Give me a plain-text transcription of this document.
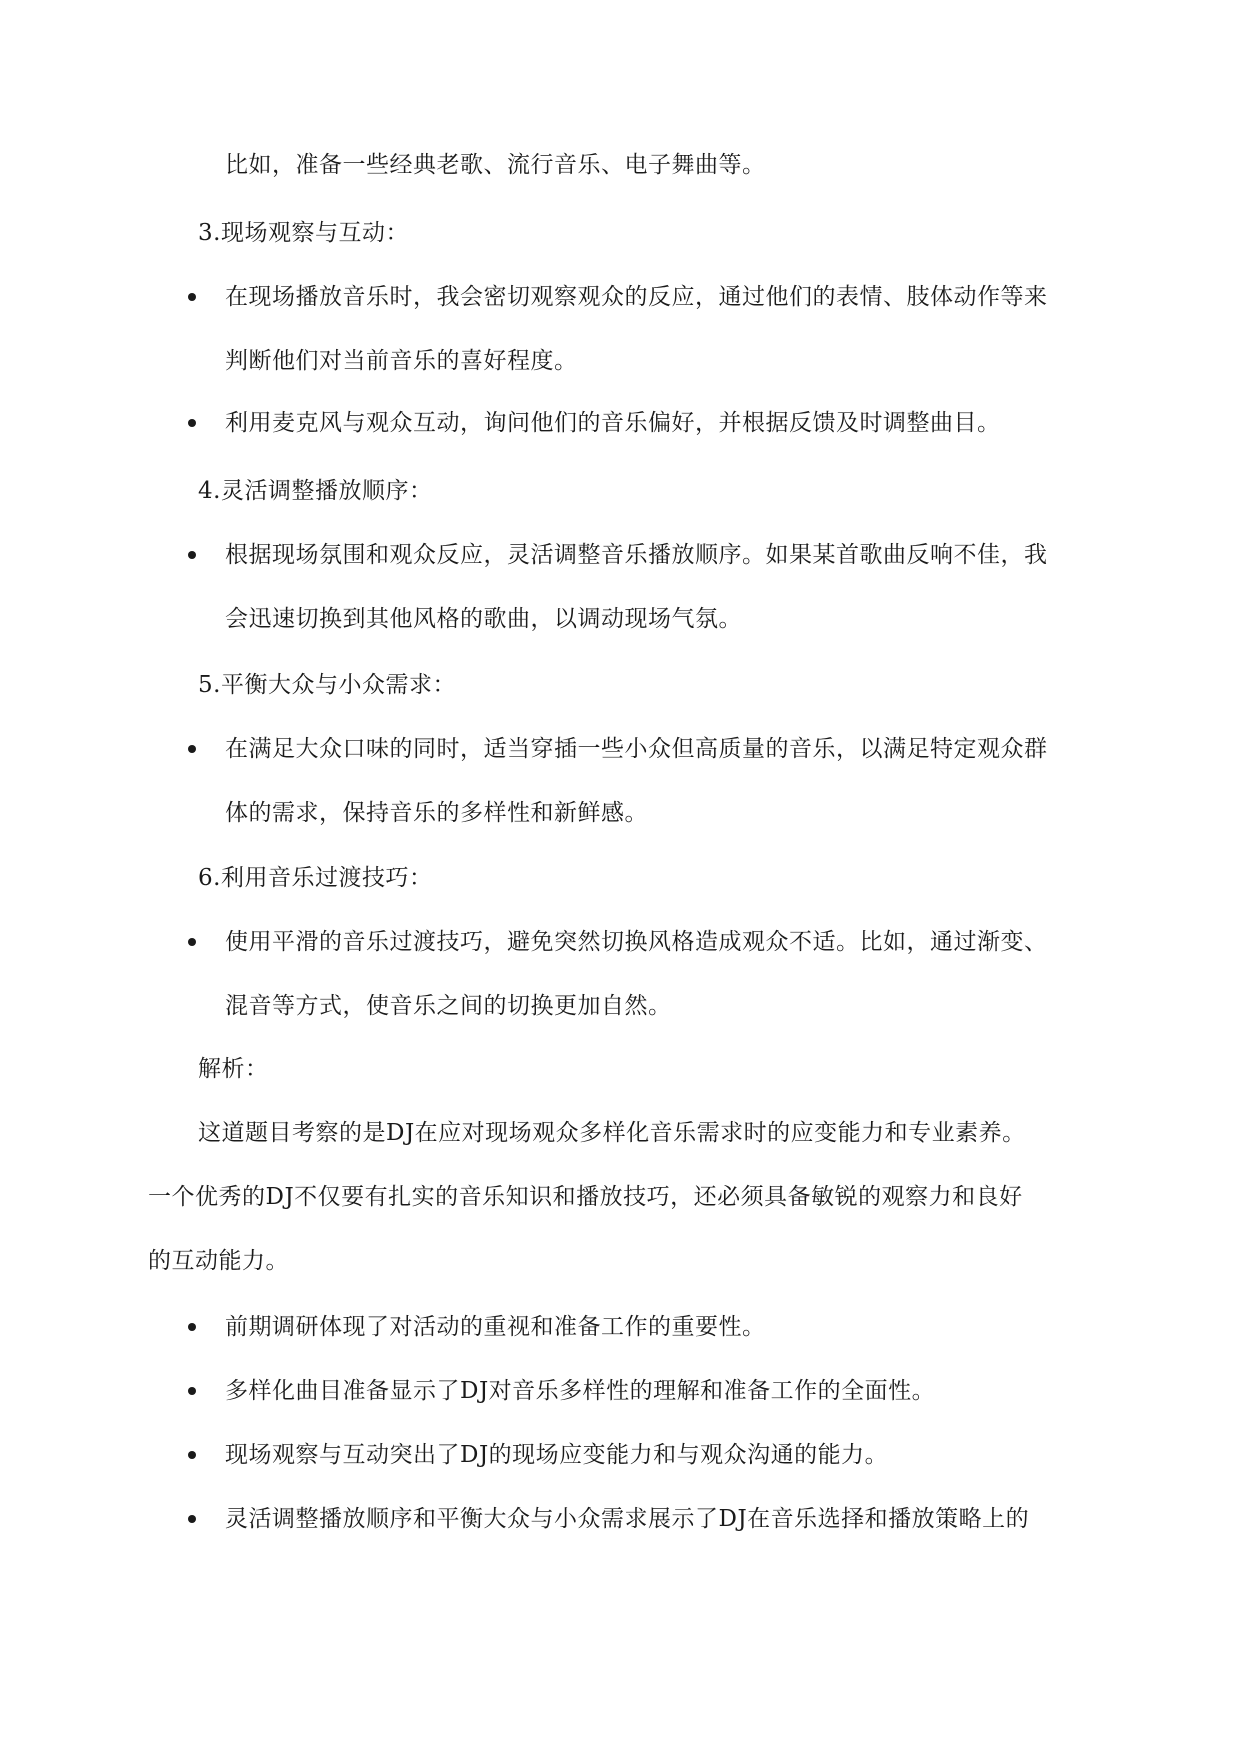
比如，准备一些经典老歌、流行音乐、电子舞曲等。
3.现场观察与互动：
在现场播放音乐时，我会密切观察观众的反应，通过他们的表情、肢体动作等来
判断他们对当前音乐的喜好程度。
利用麦克风与观众互动，询问他们的音乐偏好，并根据反馈及时调整曲目。
4.灵活调整播放顺序：
根据现场氛围和观众反应，灵活调整音乐播放顺序。如果某首歌曲反响不佳，我
会迅速切换到其他风格的歌曲，以调动现场气氛。
5.平衡大众与小众需求：
在满足大众口味的同时，适当穿插一些小众但高质量的音乐，以满足特定观众群
体的需求，保持音乐的多样性和新鲜感。
6.利用音乐过渡技巧：
使用平滑的音乐过渡技巧，避免突然切换风格造成观众不适。比如，通过渐变、
混音等方式，使音乐之间的切换更加自然。
解析：
这道题目考察的是DJ在应对现场观众多样化音乐需求时的应变能力和专业素养。
一个优秀的DJ不仅要有扎实的音乐知识和播放技巧，还必须具备敏锐的观察力和良好
的互动能力。
前期调研体现了对活动的重视和准备工作的重要性。
多样化曲目准备显示了DJ对音乐多样性的理解和准备工作的全面性。
现场观察与互动突出了DJ的现场应变能力和与观众沟通的能力。
灵活调整播放顺序和平衡大众与小众需求展示了DJ在音乐选择和播放策略上的
